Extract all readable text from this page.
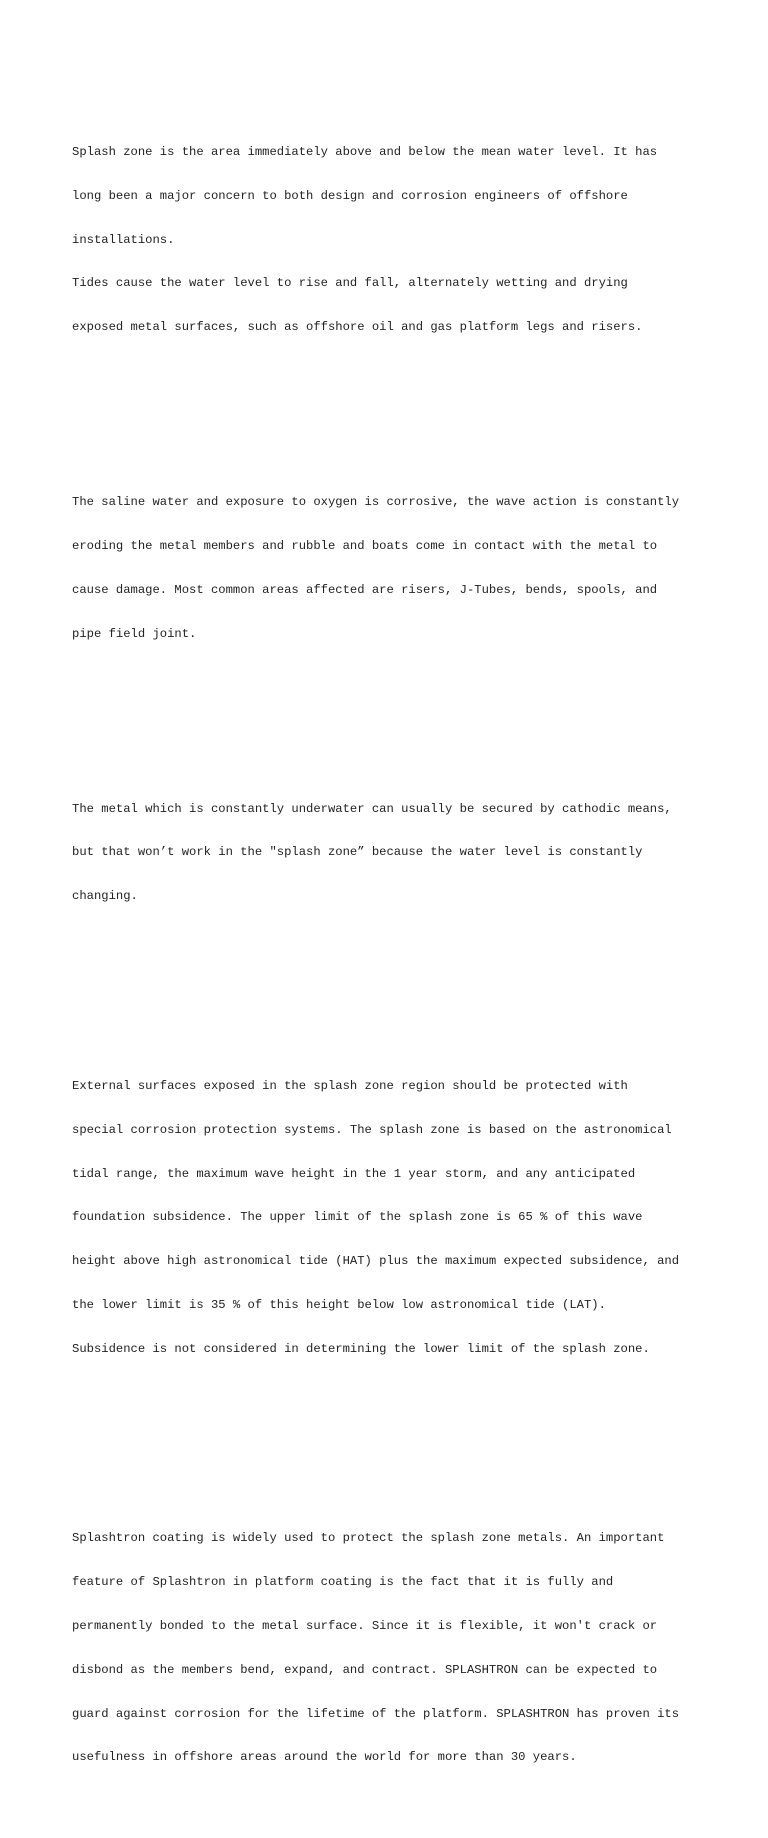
Splash zone is the area immediately above and below the mean water level. It has

long been a major concern to both design and corrosion engineers of offshore

installations.

Tides cause the water level to rise and fall, alternately wetting and drying

exposed metal surfaces, such as offshore oil and gas platform legs and risers.

The saline water and exposure to oxygen is corrosive, the wave action is constantly

eroding the metal members and rubble and boats come in contact with the metal to

cause damage. Most common areas affected are risers, J-Tubes, bends, spools, and

pipe field joint.

The metal which is constantly underwater can usually be secured by cathodic means,

but that won’t work in the "splash zone” because the water level is constantly

changing.

External surfaces exposed in the splash zone region should be protected with

special corrosion protection systems. The splash zone is based on the astronomical

tidal range, the maximum wave height in the 1 year storm, and any anticipated

foundation subsidence. The upper limit of the splash zone is 65 % of this wave

height above high astronomical tide (HAT) plus the maximum expected subsidence, and

the lower limit is 35 % of this height below low astronomical tide (LAT).

Subsidence is not considered in determining the lower limit of the splash zone.

Splashtron coating is widely used to protect the splash zone metals. An important

feature of Splashtron in platform coating is the fact that it is fully and

permanently bonded to the metal surface. Since it is flexible, it won't crack or

disbond as the members bend, expand, and contract. SPLASHTRON can be expected to

guard against corrosion for the lifetime of the platform. SPLASHTRON has proven its

usefulness in offshore areas around the world for more than 30 years.
